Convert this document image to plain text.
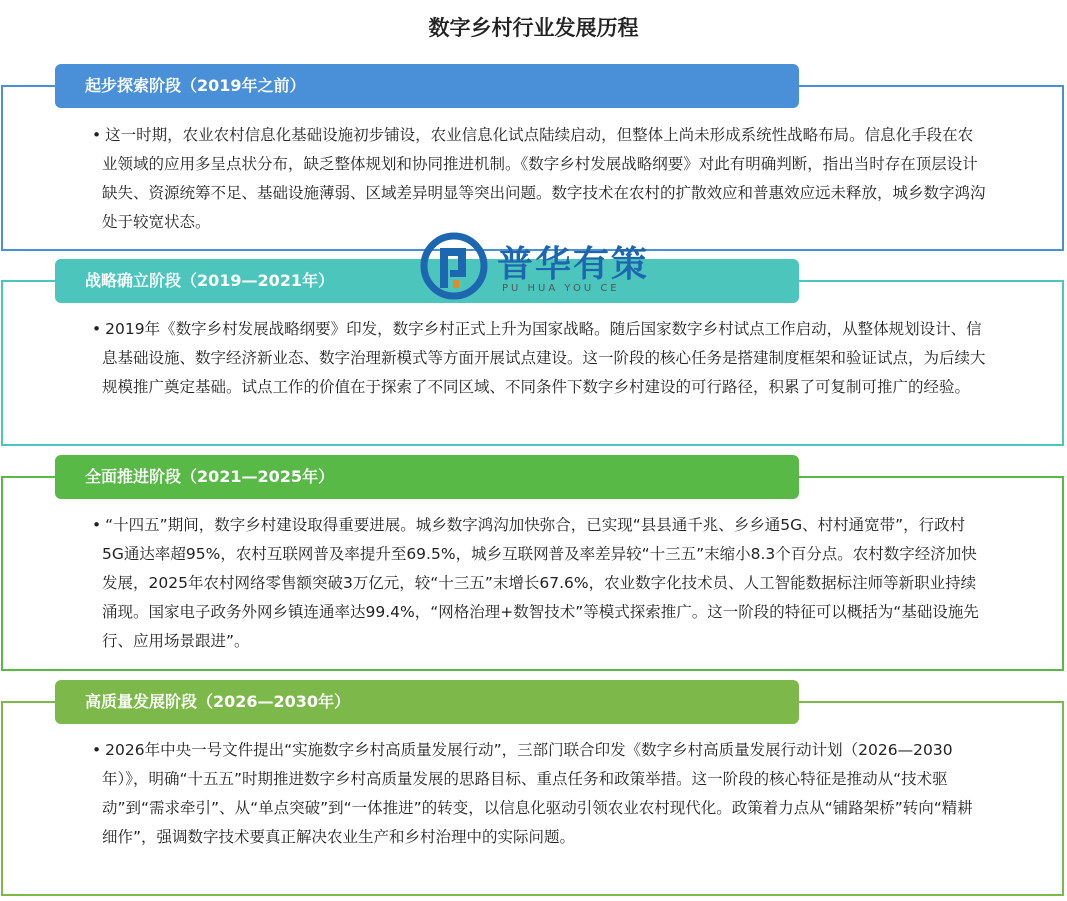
数字乡村行业发展历程
起步探索阶段（2019年之前）
• 这一时期，农业农村信息化基础设施初步铺设，农业信息化试点陆续启动，但整体上尚未形成系统性战略布局。信息化手段在农业领域的应用多呈点状分布，缺乏整体规划和协同推进机制。《数字乡村发展战略纲要》对此有明确判断，指出当时存在顶层设计缺失、资源统筹不足、基础设施薄弱、区域差异明显等突出问题。数字技术在农村的扩散效应和普惠效应远未释放，城乡数字鸿沟处于较宽状态。
战略确立阶段（2019—2021年）
• 2019年《数字乡村发展战略纲要》印发，数字乡村正式上升为国家战略。随后国家数字乡村试点工作启动，从整体规划设计、信息基础设施、数字经济新业态、数字治理新模式等方面开展试点建设。这一阶段的核心任务是搭建制度框架和验证试点，为后续大规模推广奠定基础。试点工作的价值在于探索了不同区域、不同条件下数字乡村建设的可行路径，积累了可复制可推广的经验。
全面推进阶段（2021—2025年）
• “十四五”期间，数字乡村建设取得重要进展。城乡数字鸿沟加快弥合，已实现“县县通千兆、乡乡通5G、村村通宽带”，行政村5G通达率超95%，农村互联网普及率提升至69.5%，城乡互联网普及率差异较“十三五”末缩小8.3个百分点。农村数字经济加快发展，2025年农村网络零售额突破3万亿元，较“十三五”末增长67.6%，农业数字化技术员、人工智能数据标注师等新职业持续涌现。国家电子政务外网乡镇连通率达99.4%，“网格治理+数智技术”等模式探索推广。这一阶段的特征可以概括为“基础设施先行、应用场景跟进”。
高质量发展阶段（2026—2030年）
• 2026年中央一号文件提出“实施数字乡村高质量发展行动”，三部门联合印发《数字乡村高质量发展行动计划（2026—2030年）》，明确“十五五”时期推进数字乡村高质量发展的思路目标、重点任务和政策举措。这一阶段的核心特征是推动从“技术驱动”到“需求牵引”、从“单点突破”到“一体推进”的转变，以信息化驱动引领农业农村现代化。政策着力点从“铺路架桥”转向“精耕细作”，强调数字技术要真正解决农业生产和乡村治理中的实际问题。
普华有策
PU HUA YOU CE
